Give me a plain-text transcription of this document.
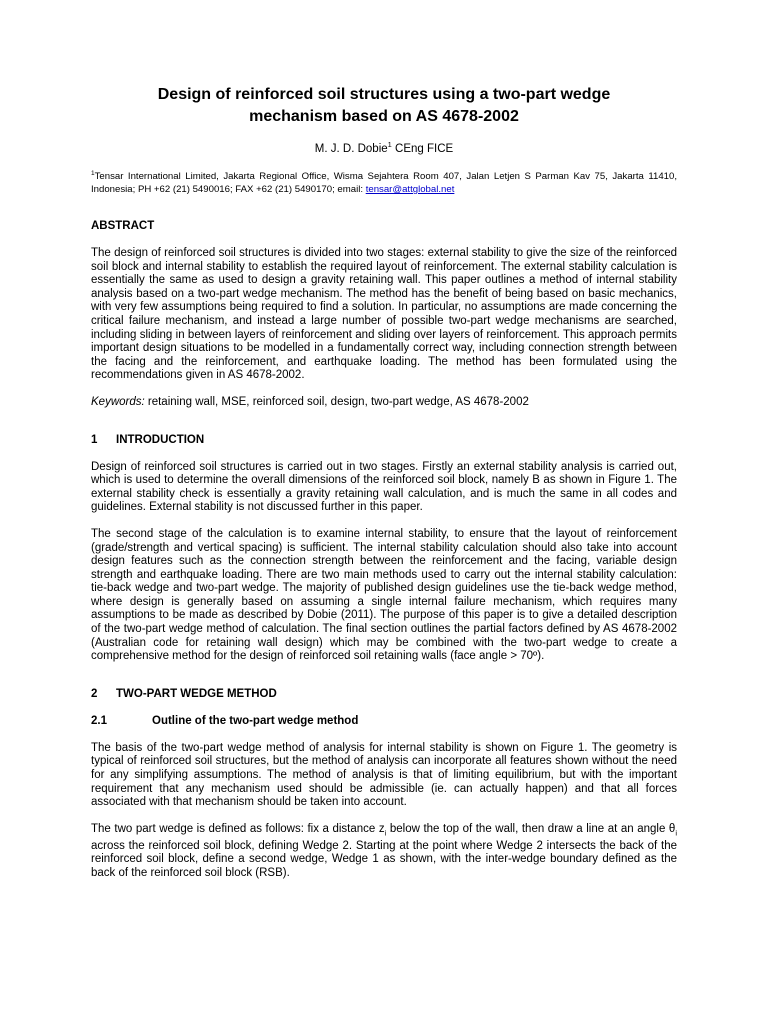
Design of reinforced soil structures using a two-part wedge
mechanism based on AS 4678-2002
M. J. D. Dobie$^1$ CEng FICE
$^1$Tensar International Limited, Jakarta Regional Office, Wisma Sejahtera Room 407, Jalan Letjen S Parman Kav 75, Jakarta 11410, Indonesia; PH +62 (21) 5490016; FAX +62 (21) 5490170; email: tensar@attglobal.net
ABSTRACT

The design of reinforced soil structures is divided into two stages: external stability to give the size of the reinforced soil block and internal stability to establish the required layout of reinforcement. The external stability calculation is essentially the same as used to design a gravity retaining wall. This paper outlines a method of internal stability analysis based on a two-part wedge mechanism. The method has the benefit of being based on basic mechanics, with very few assumptions being required to find a solution. In particular, no assumptions are made concerning the critical failure mechanism, and instead a large number of possible two-part wedge mechanisms are searched, including sliding in between layers of reinforcement and sliding over layers of reinforcement. This approach permits important design situations to be modelled in a fundamentally correct way, including connection strength between the facing and the reinforcement, and earthquake loading. The method has been formulated using the recommendations given in AS 4678-2002.

Keywords: retaining wall, MSE, reinforced soil, design, two-part wedge, AS 4678-2002

1 INTRODUCTION

Design of reinforced soil structures is carried out in two stages. Firstly an external stability analysis is carried out, which is used to determine the overall dimensions of the reinforced soil block, namely B as shown in Figure 1. The external stability check is essentially a gravity retaining wall calculation, and is much the same in all codes and guidelines. External stability is not discussed further in this paper.

The second stage of the calculation is to examine internal stability, to ensure that the layout of reinforcement (grade/strength and vertical spacing) is sufficient. The internal stability calculation should also take into account design features such as the connection strength between the reinforcement and the facing, variable design strength and earthquake loading. There are two main methods used to carry out the internal stability calculation: tie-back wedge and two-part wedge. The majority of published design guidelines use the tie-back wedge method, where design is generally based on assuming a single internal failure mechanism, which requires many assumptions to be made as described by Dobie (2011). The purpose of this paper is to give a detailed description of the two-part wedge method of calculation. The final section outlines the partial factors defined by AS 4678-2002 (Australian code for retaining wall design) which may be combined with the two-part wedge to create a comprehensive method for the design of reinforced soil retaining walls (face angle > 70º).

2 TWO-PART WEDGE METHOD
2.1	Outline of the two-part wedge method

The basis of the two-part wedge method of analysis for internal stability is shown on Figure 1. The geometry is typical of reinforced soil structures, but the method of analysis can incorporate all features shown without the need for any simplifying assumptions. The method of analysis is that of limiting equilibrium, but with the important requirement that any mechanism used should be admissible (ie. can actually happen) and that all forces associated with that mechanism should be taken into account.

The two part wedge is defined as follows: fix a distance $z_i$ below the top of the wall, then draw a line at an angle $\theta_i$ across the reinforced soil block, defining Wedge 2. Starting at the point where Wedge 2 intersects the back of the reinforced soil block, define a second wedge, Wedge 1 as shown, with the inter-wedge boundary defined as the back of the reinforced soil block (RSB).
